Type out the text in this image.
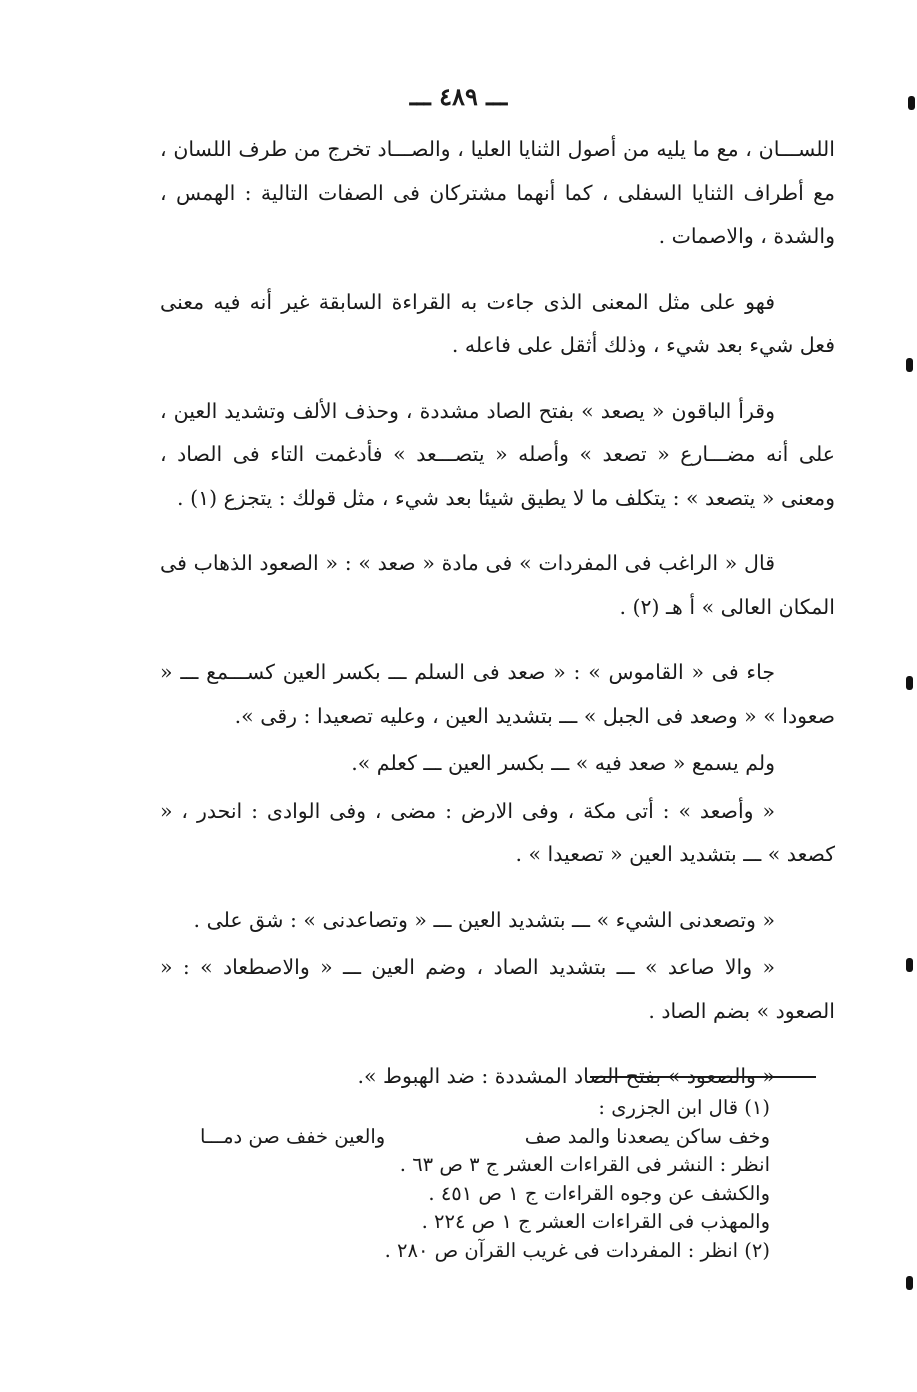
ـــ ٤٨٩ ـــ

اللســـان ، مع ما يليه من أصول الثنايا العليا ، والصـــاد تخرج من طرف اللسان ، مع أطراف الثنايا السفلى ، كما أنهما مشتركان فى الصفات التالية : الهمس ، والشدة ، والاصمات .

فهو على مثل المعنى الذى جاءت به القراءة السابقة غير أنه فيه معنى فعل شيء بعد شيء ، وذلك أثقل على فاعله .

وقرأ الباقون « يصعد » بفتح الصاد مشددة ، وحذف الألف وتشديد العين ، على أنه مضـــارع « تصعد » وأصله « يتصـــعد » فأدغمت التاء فى الصاد ، ومعنى « يتصعد » : يتكلف ما لا يطيق شيئا بعد شيء ، مثل قولك : يتجزع (١) .

قال « الراغب فى المفردات » فى مادة « صعد » : « الصعود الذهاب فى المكان العالى » أ هـ (٢) .

جاء فى « القاموس » : « صعد فى السلم ـــ بكسر العين كســـمع ـــ « صعودا » « وصعد فى الجبل » ـــ بتشديد العين ، وعليه تصعيدا : رقى ».

ولم يسمع « صعد فيه » ـــ بكسر العين ـــ كعلم ».

« وأصعد » : أتى مكة ، وفى الارض : مضى ، وفى الوادى : انحدر ، « كصعد » ـــ بتشديد العين « تصعيدا » .

« وتصعدنى الشيء » ـــ بتشديد العين ـــ « وتصاعدنى » : شق على .

« والا صاعد » ـــ بتشديد الصاد ، وضم العين ـــ « والاصطعاد » : « الصعود » بضم الصاد .

« والصعود » بفتح الصاد المشددة : ضد الهبوط ».

(١) قال ابن الجزرى :

وخف ساكن يصعدنا والمد صف
والعين خفف صن دمـــا

انظر : النشر فى القراءات العشر ج ٣ ص ٦٣ .

والكشف عن وجوه القراءات ج ١ ص ٤٥١ .

والمهذب فى القراءات العشر ج ١ ص ٢٢٤ .

(٢) انظر : المفردات فى غريب القرآن ص ٢٨٠ .
